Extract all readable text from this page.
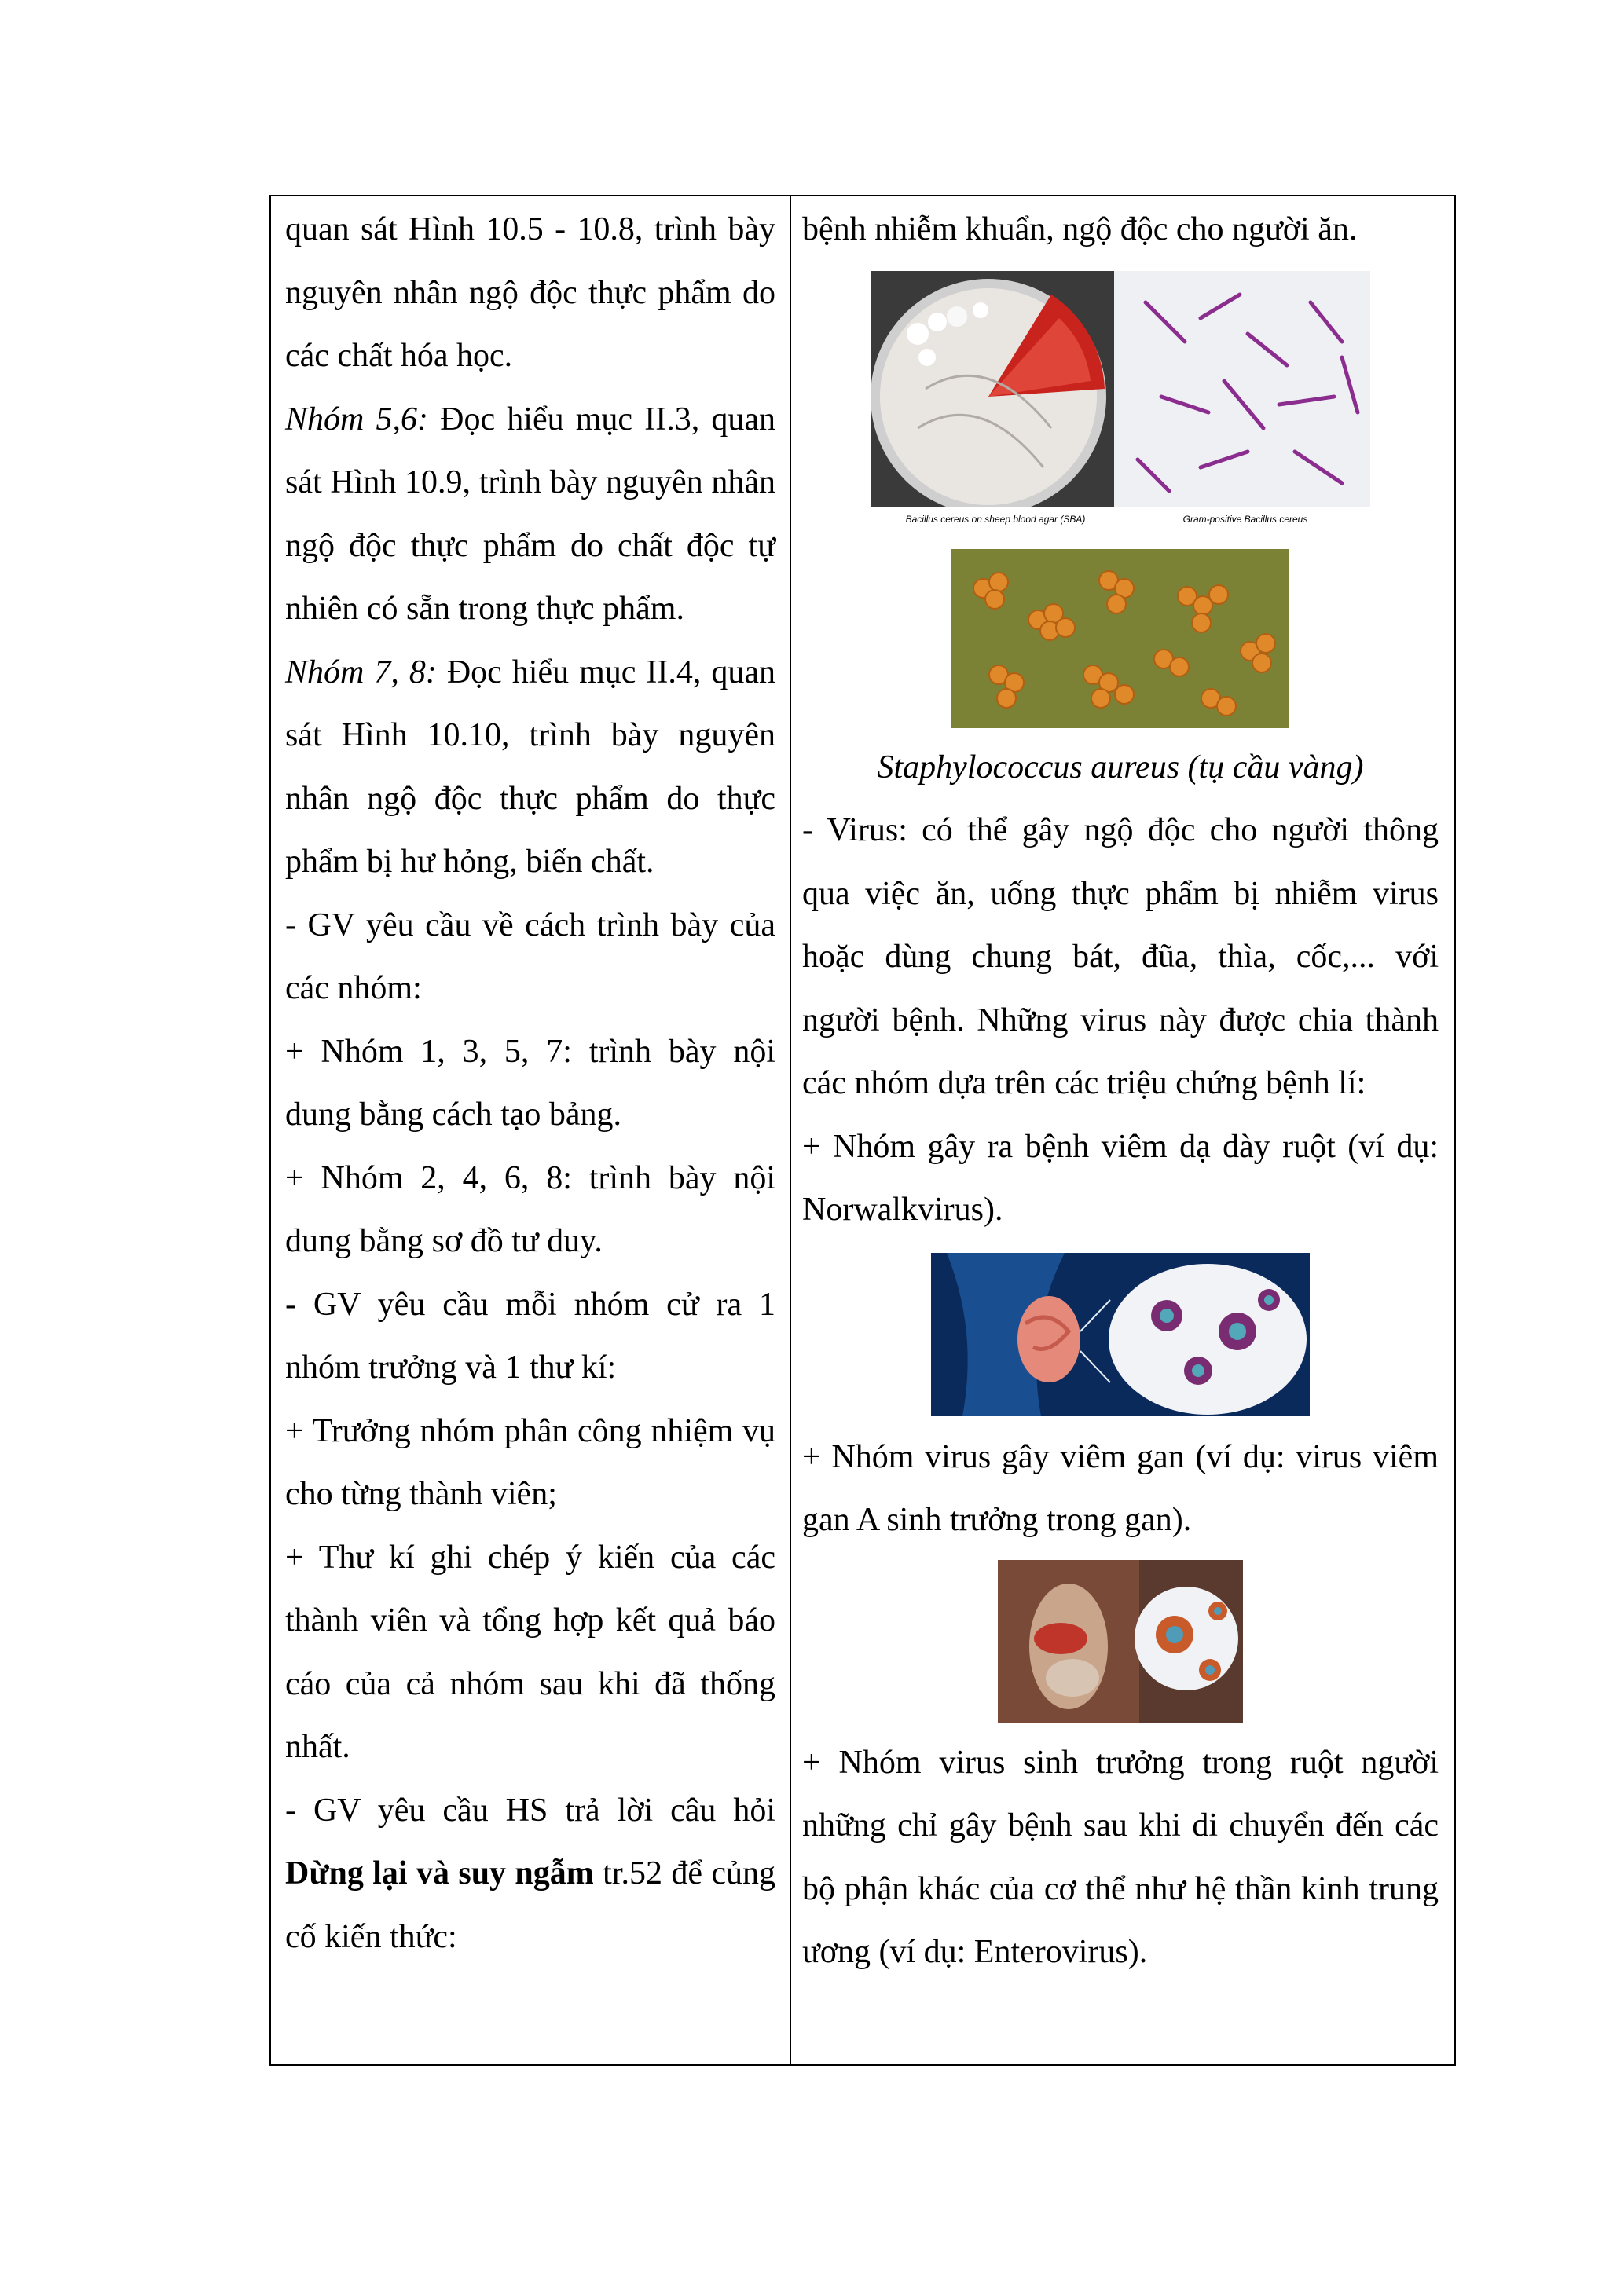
quan sát Hình 10.5 - 10.8, trình bày nguyên nhân ngộ độc thực phẩm do các chất hóa học.

Nhóm 5,6: Đọc hiểu mục II.3, quan sát Hình 10.9, trình bày nguyên nhân ngộ độc thực phẩm do chất độc tự nhiên có sẵn trong thực phẩm.

Nhóm 7, 8: Đọc hiểu mục II.4, quan sát Hình 10.10, trình bày nguyên nhân ngộ độc thực phẩm do thực phẩm bị hư hỏng, biến chất.

- GV yêu cầu về cách trình bày của các nhóm:

+ Nhóm 1, 3, 5, 7: trình bày nội dung bằng cách tạo bảng.

+ Nhóm 2, 4, 6, 8: trình bày nội dung bằng sơ đồ tư duy.

- GV yêu cầu mỗi nhóm cử ra 1 nhóm trưởng và 1 thư kí:

+ Trưởng nhóm phân công nhiệm vụ cho từng thành viên;

+ Thư kí ghi chép ý kiến của các thành viên và tổng hợp kết quả báo cáo của cả nhóm sau khi đã thống nhất.

- GV yêu cầu HS trả lời câu hỏi Dừng lại và suy ngẫm tr.52 để củng cố kiến thức:

bệnh nhiễm khuẩn, ngộ độc cho người ăn.

Bacillus cereus on sheep blood agar (SBA)	Gram-positive Bacillus cereus

Staphylococcus aureus (tụ cầu vàng)

- Virus: có thể gây ngộ độc cho người thông qua việc ăn, uống thực phẩm bị nhiễm virus hoặc dùng chung bát, đũa, thìa, cốc,... với người bệnh. Những virus này được chia thành các nhóm dựa trên các triệu chứng bệnh lí:

+ Nhóm gây ra bệnh viêm dạ dày ruột (ví dụ: Norwalkvirus).

+ Nhóm virus gây viêm gan (ví dụ: virus viêm gan A sinh trưởng trong gan).

+ Nhóm virus sinh trưởng trong ruột người những chỉ gây bệnh sau khi di chuyển đến các bộ phận khác của cơ thể như hệ thần kinh trung ương (ví dụ: Enterovirus).
